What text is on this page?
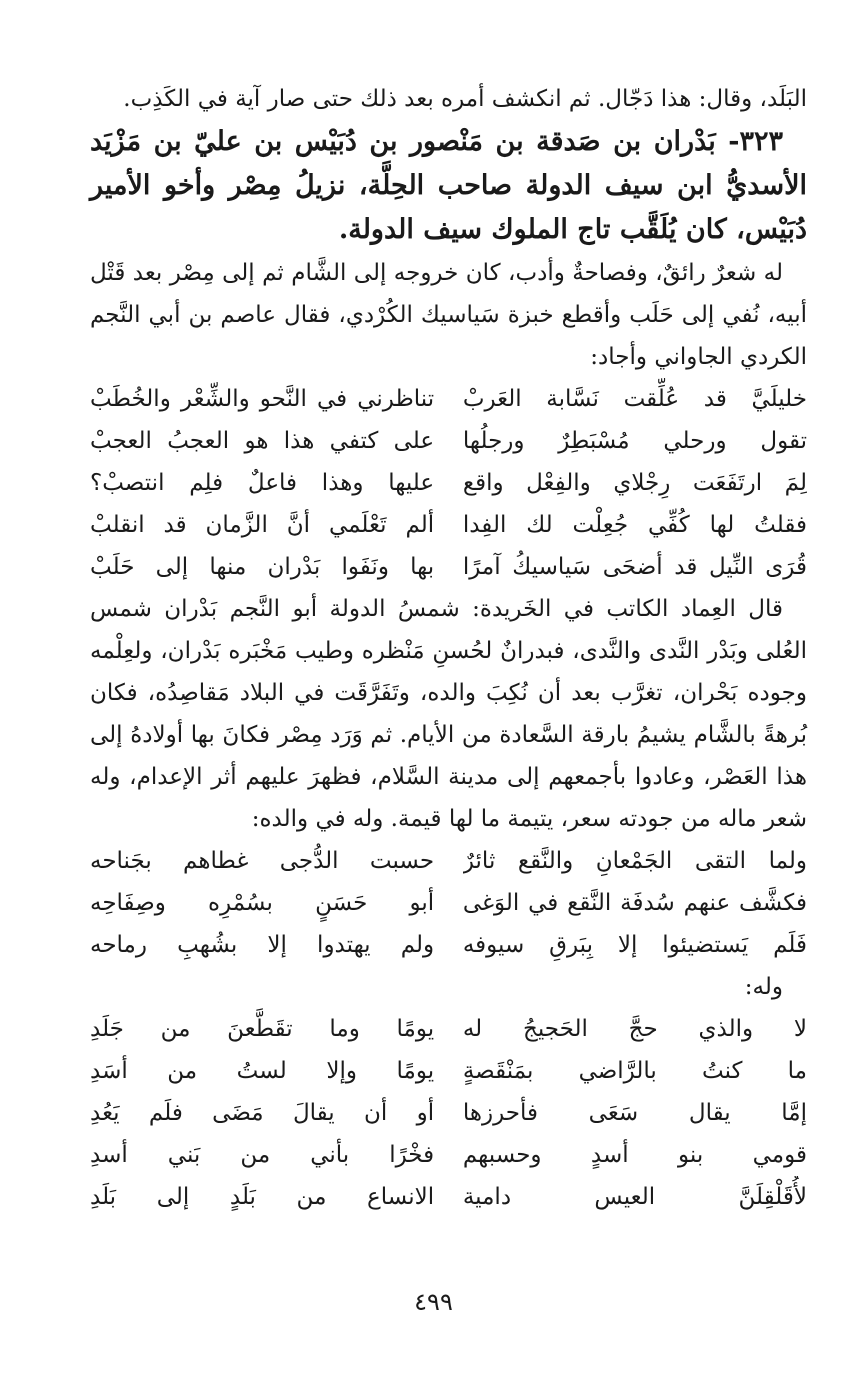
البَلَد، وقال: هذا دَجّال. ثم انكشف أمره بعد ذلك حتى صار آية في الكَذِب.

٣٢٣- بَدْران بن صَدقة بن مَنْصور بن دُبَيْس بن عليّ بن مَزْيَد الأسديُّ ابن سيف الدولة صاحب الحِلَّة، نزيلُ مِصْر وأخو الأمير دُبَيْس، كان يُلَقَّب تاج الملوك سيف الدولة.

له شعرٌ رائقٌ، وفصاحةٌ وأدب، كان خروجه إلى الشَّام ثم إلى مِصْر بعد قَتْل أبيه، نُفي إلى حَلَب وأقطع خبزة سَياسيك الكُرْدي، فقال عاصم بن أبي النَّجم الكردي الجاواني وأجاد:

خليلَيَّ قد عُلِّقت نَسَّابة العَربْ
تناظرني في النَّحو والشِّعْر والخُطَبْ
تقول ورحلي مُسْبَطِرٌ ورجلُها
على كتفي هذا هو العجبُ العجبْ
لِمَ ارتَفَعَت رِجْلاي والفِعْل واقع
عليها وهذا فاعلٌ فلِم انتصبْ؟
فقلتُ لها كُفِّي جُعِلْت لك الفِدا
ألم تَعْلَمي أنَّ الزَّمان قد انقلبْ
قُرَى النِّيل قد أضحَى سَياسيكُ آمرًا
بها ونَفَوا بَدْران منها إلى حَلَبْ

قال العِماد الكاتب في الخَريدة: شمسُ الدولة أبو النَّجم بَدْران شمس العُلى وبَدْر النَّدى والنَّدى، فبدرانٌ لحُسنِ مَنْظره وطيب مَخْبَره بَدْران، ولعِلْمه وجوده بَحْران، تغرَّب بعد أن نُكِبَ والده، وتَفَرَّقَت في البلاد مَقاصِدُه، فكان بُرهةً بالشَّام يشيمُ بارقة السَّعادة من الأيام. ثم وَرَد مِصْر فكانَ بها أولادهُ إلى هذا العَصْر، وعادوا بأجمعهم إلى مدينة السَّلام، فظهرَ عليهم أثر الإعدام، وله شعر ماله من جودته سعر، يتيمة ما لها قيمة. وله في والده:

ولما التقى الجَمْعانِ والنَّقع ثائرٌ
حسبت الدُّجى غطاهم بجَناحه
فكشَّف عنهم سُدفَة النَّقع في الوَغى
أبو حَسَنٍ بسُمْرِه وصِفَاحِه
فَلَم يَستضيئوا إلا بِبَرقِ سيوفه
ولم يهتدوا إلا بشُهبِ رماحه

وله:

لا والذي حجَّ الحَجيجُ له
يومًا وما تقَطَّعنَ من جَلَدِ
ما كنتُ بالرَّاضي بمَنْقَصةٍ
يومًا وإلا لستُ من أسَدِ
إمَّا يقال سَعَى فأحرزها
أو أن يقالَ مَضَى فلَم يَعُدِ
قومي بنو أسدٍ وحسبهم
فخْرًا بأني من بَني أسدِ
لأُقَلْقِلَنَّ العيس دامية
الانساع من بَلَدٍ إلى بَلَدِ
٤٩٩
